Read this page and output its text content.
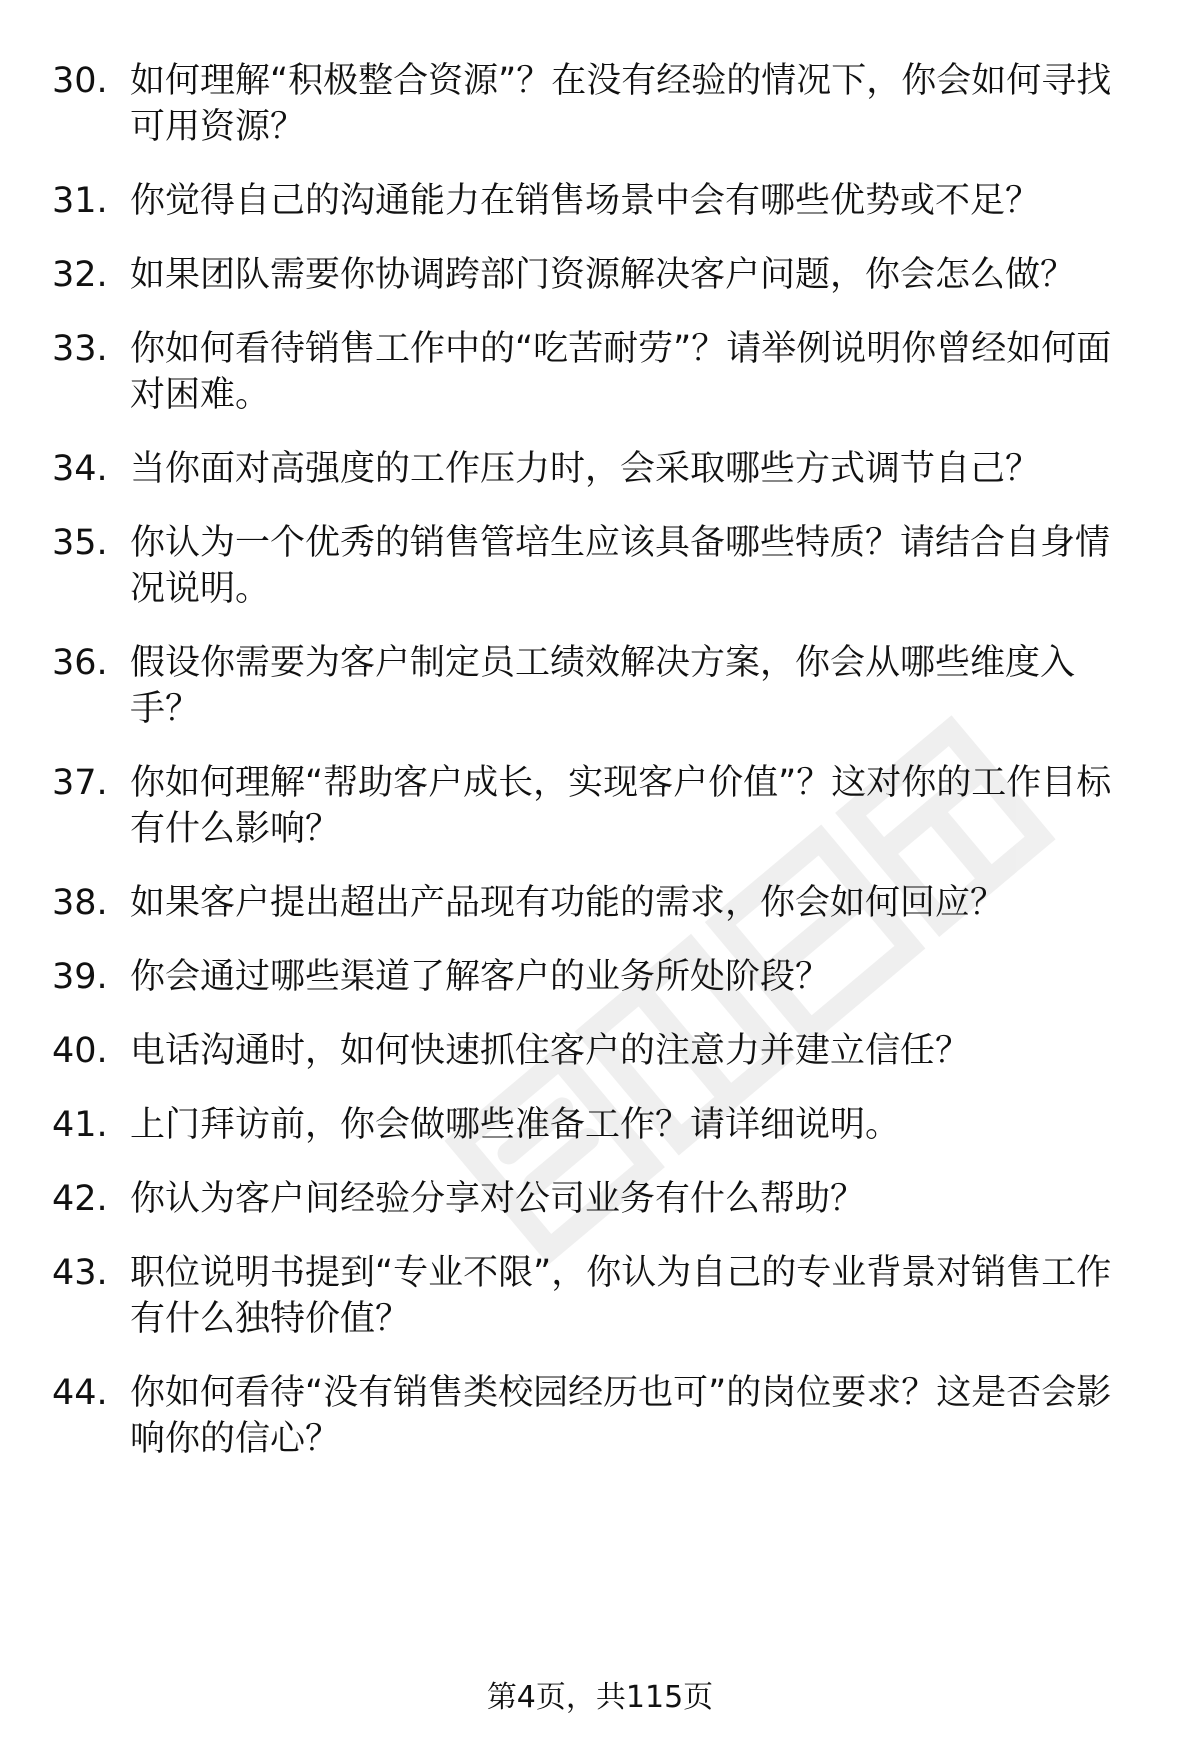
30. 如何理解“积极整合资源”？在没有经验的情况下，你会如何寻找可用资源？
31. 你觉得自己的沟通能力在销售场景中会有哪些优势或不足？
32. 如果团队需要你协调跨部门资源解决客户问题，你会怎么做？
33. 你如何看待销售工作中的“吃苦耐劳”？请举例说明你曾经如何面对困难。
34. 当你面对高强度的工作压力时，会采取哪些方式调节自己？
35. 你认为一个优秀的销售管培生应该具备哪些特质？请结合自身情况说明。
36. 假设你需要为客户制定员工绩效解决方案，你会从哪些维度入手？
37. 你如何理解“帮助客户成长，实现客户价值”？这对你的工作目标有什么影响？
38. 如果客户提出超出产品现有功能的需求，你会如何回应？
39. 你会通过哪些渠道了解客户的业务所处阶段？
40. 电话沟通时，如何快速抓住客户的注意力并建立信任？
41. 上门拜访前，你会做哪些准备工作？请详细说明。
42. 你认为客户间经验分享对公司业务有什么帮助？
43. 职位说明书提到“专业不限”，你认为自己的专业背景对销售工作有什么独特价值？
44. 你如何看待“没有销售类校园经历也可”的岗位要求？这是否会影响你的信心？
第4页，共115页
